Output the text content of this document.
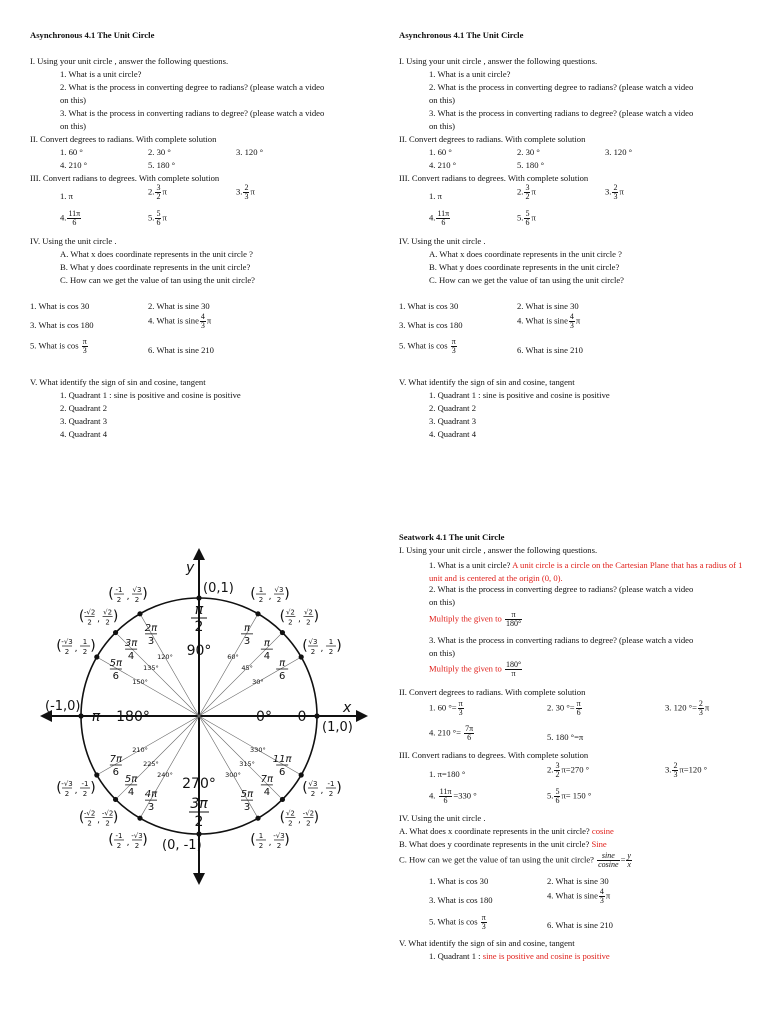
Asynchronous 4.1 The Unit Circle
I. Using your unit circle , answer the following questions.
1. What is a unit circle?
2. What is the process in converting degree to radians? (please watch a video
on this)
3. What is the process in converting radians to degree? (please watch a video
on this)
II. Convert degrees to radians. With complete solution
1. 60 °	2. 30 °	3. 120 °
4. 210 °	5. 180 °
III. Convert radians to degrees. With complete solution
1. π	2. $\frac{3}{2}$ π	3. $\frac{2}{3}$ π
4. $\frac{11\pi}{6}$	5. $\frac{5}{6}$ π
IV. Using the unit circle .
A. What x does coordinate represents in the unit circle ?
B. What y does coordinate represents in the unit circle?
C. How can we get the value of tan using the unit circle?
1. What is cos 30	2. What is sine 30
3. What is cos 180	4. What is sine $\frac{4}{3}$ π
5. What is $\cos \frac{\pi}{3}$	6. What is sine 210
V. What identify the sign of sin and cosine, tangent
1. Quadrant 1 : sine is positive and cosine is positive
2. Quadrant 2
3. Quadrant 3
4. Quadrant 4
Asynchronous 4.1 The Unit Circle
I. Using your unit circle , answer the following questions.
1. What is a unit circle?
2. What is the process in converting degree to radians? (please watch a video
on this)
3. What is the process in converting radians to degree? (please watch a video
on this)
II. Convert degrees to radians. With complete solution
1. 60 °	2. 30 °	3. 120 °
4. 210 °	5. 180 °
III. Convert radians to degrees. With complete solution
1. π	2. $\frac{3}{2}$ π	3. $\frac{2}{3}$ π
4. $\frac{11\pi}{6}$	5. $\frac{5}{6}$ π
IV. Using the unit circle .
A. What x does coordinate represents in the unit circle ?
B. What y does coordinate represents in the unit circle?
C. How can we get the value of tan using the unit circle?
1. What is cos 30	2. What is sine 30
3. What is cos 180	4. What is sine $\frac{4}{3}$ π
5. What is $\cos \frac{\pi}{3}$	6. What is sine 210
V. What identify the sign of sin and cosine, tangent
1. Quadrant 1 : sine is positive and cosine is positive
2. Quadrant 2
3. Quadrant 3
4. Quadrant 4
Seatwork 4.1 The unit Circle
I. Using your unit circle , answer the following questions.
1. What is a unit circle? A unit circle is a circle on the Cartesian Plane that has a radius of 1 unit and is centered at the origin (0, 0).
2. What is the process in converting degree to radians? (please watch a video
on this)
Multiply the given to $\frac{\pi}{180^\circ}$
3. What is the process in converting radians to degree? (please watch a video
on this)
Multiply the given to $\frac{180^\circ}{\pi}$
II. Convert degrees to radians. With complete solution
1. 60 °= $\frac{\pi}{3}$	2. 30 °= $\frac{\pi}{6}$	3. 120 °= $\frac{2}{3}$ π
4. 210 °= $\frac{7\pi}{6}$	5. 180 °=π
III. Convert radians to degrees. With complete solution
1. π=180 °	2. $\frac{3}{2} \pi=270$ °	3. $\frac{2}{3} \pi=120$ °
4. $\frac{11\pi}{6} =330$ °	5. $\frac{5}{6} \pi= 150$ °
IV. Using the unit circle .
A. What does x coordinate represents in the unit circle? cosine
B. What does y coordinate represents in the unit circle? Sine
C. How can we get the value of tan using the unit circle? sine
cosine
= $\frac{y}{x}$
1. What is cos 30	2. What is sine 30
3. What is cos 180	4. What is sine $\frac{4}{3}$ π
5. What is $\cos \frac{\pi}{3}$	6. What is sine 210
V. What identify the sign of sin and cosine, tangent
1. Quadrant 1 : sine is positive and cosine is positive
y
x
(0,1)
(1,0)
(-1,0)
(0, -1)
90°
180°	0°
270°
π	0
π
2
3π
2
30°
π
6
( √3
2 ,
1
2 )
45°
π
4
( √2
2 ,
√2
2 )
60°
π
3
( 1
2 ,
√3
2 )
120°
2π
3
( -1
2 ,
√3
2 )
135°
3π
4
( -√2
2 ,
√2
2 )
150°
5π
6
( -√3
2 ,
1
2 )
210°
7π
6
( -√3
2 ,
-1
2 )
225°
5π
4
( -√2
2 ,
-√2
2 )
240°
4π
3
( -1
2 ,
-√3
2 )
300°
5π
3
( 1
2 ,
-√3
2 )
315°
7π
4
( √2
2 ,
-√2
2 )
330°
11π
6
( √3
2 ,
-1
2 )
